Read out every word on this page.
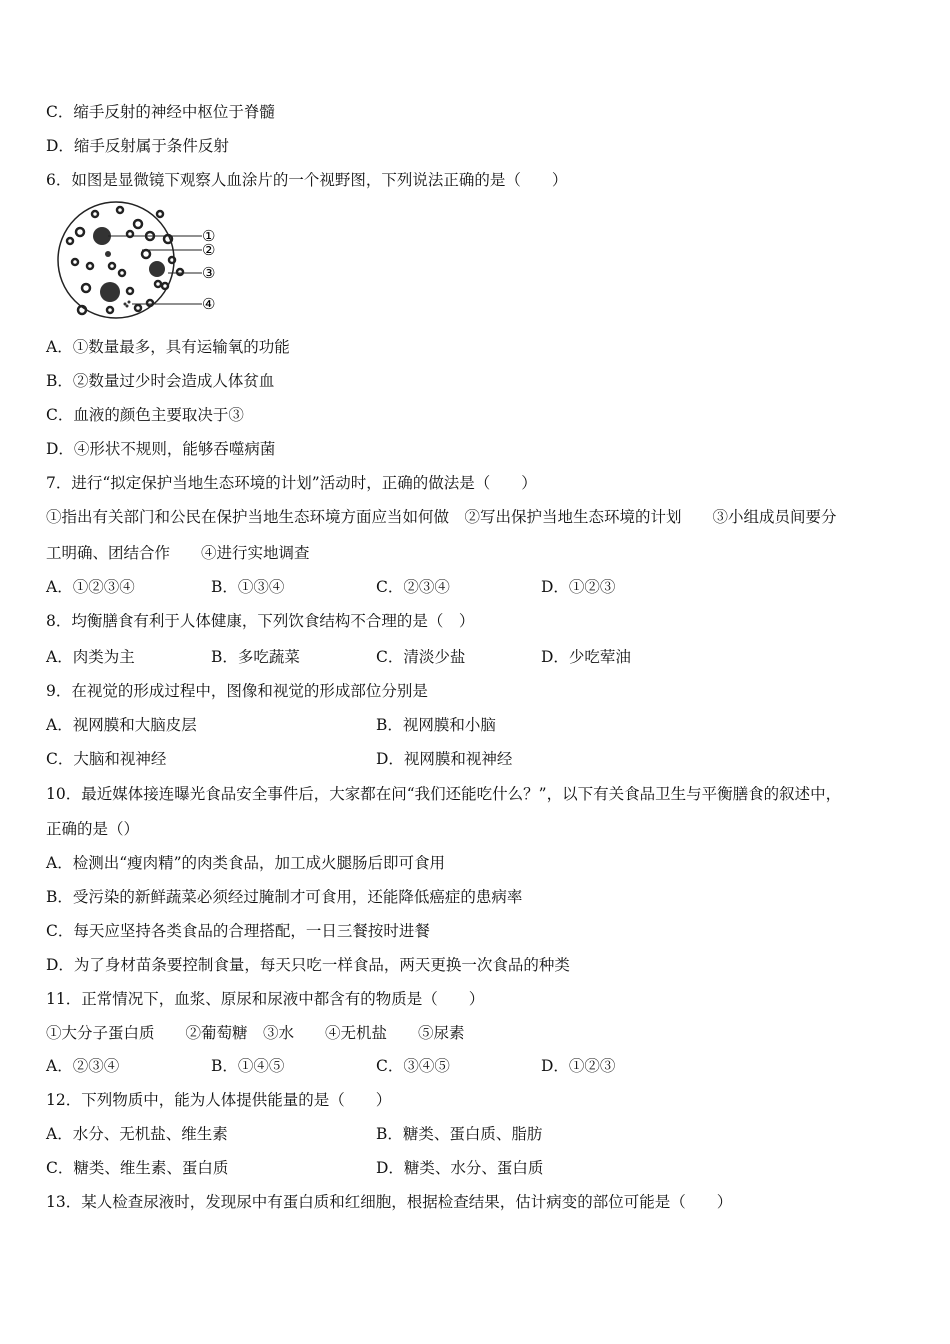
C．缩手反射的神经中枢位于脊髓
D．缩手反射属于条件反射
6．如图是显微镜下观察人血涂片的一个视野图，下列说法正确的是（　　）
①
②
③
④
A．①数量最多，具有运输氧的功能
B．②数量过少时会造成人体贫血
C．血液的颜色主要取决于③
D．④形状不规则，能够吞噬病菌
7．进行“拟定保护当地生态环境的计划”活动时，正确的做法是（　　）
①指出有关部门和公民在保护当地生态环境方面应当如何做　②写出保护当地生态环境的计划　　③小组成员间要分
工明确、团结合作　　④进行实地调查
A．①②③④	B．①③④	C．②③④	D．①②③
8．均衡膳食有利于人体健康，下列饮食结构不合理的是（　）
A．肉类为主	B．多吃蔬菜	C．清淡少盐	D．少吃荤油
9．在视觉的形成过程中，图像和视觉的形成部位分别是
A．视网膜和大脑皮层	B．视网膜和小脑
C．大脑和视神经	D．视网膜和视神经
10．最近媒体接连曝光食品安全事件后，大家都在问“我们还能吃什么？”，以下有关食品卫生与平衡膳食的叙述中，
正确的是（）
A．检测出“瘦肉精”的肉类食品，加工成火腿肠后即可食用
B．受污染的新鲜蔬菜必须经过腌制才可食用，还能降低癌症的患病率
C．每天应坚持各类食品的合理搭配，一日三餐按时进餐
D．为了身材苗条要控制食量，每天只吃一样食品，两天更换一次食品的种类
11．正常情况下，血浆、原尿和尿液中都含有的物质是（　　）
①大分子蛋白质　　②葡萄糖　③水　　④无机盐　　⑤尿素
A．②③④	B．①④⑤	C．③④⑤	D．①②③
12．下列物质中，能为人体提供能量的是（　　）
A．水分、无机盐、维生素	B．糖类、蛋白质、脂肪
C．糖类、维生素、蛋白质	D．糖类、水分、蛋白质
13．某人检查尿液时，发现尿中有蛋白质和红细胞，根据检查结果，估计病变的部位可能是（　　）
